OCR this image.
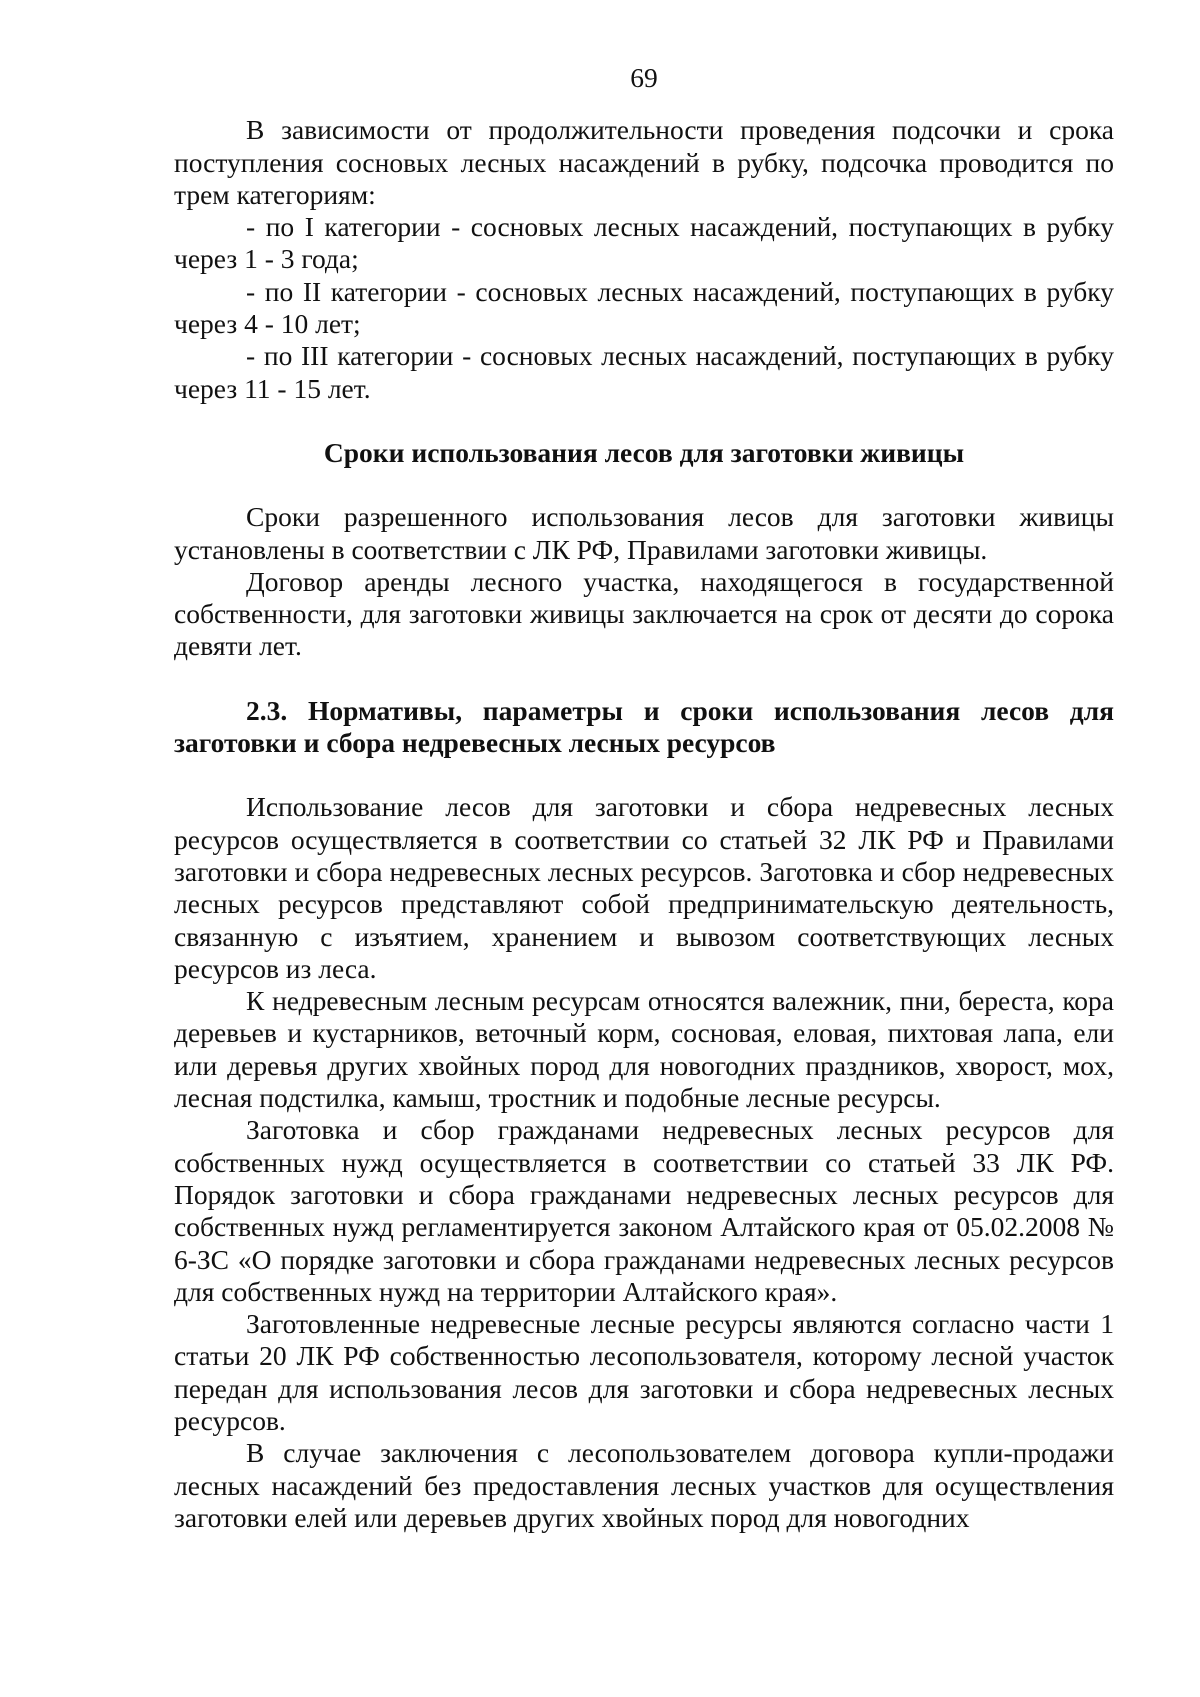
69

В зависимости от продолжительности проведения подсочки и срока поступления сосновых лесных насаждений в рубку, подсочка проводится по трем категориям:

- по I категории - сосновых лесных насаждений, поступающих в рубку через 1 - 3 года;

- по II категории - сосновых лесных насаждений, поступающих в рубку через 4 - 10 лет;

- по III категории - сосновых лесных насаждений, поступающих в рубку через 11 - 15 лет.

Сроки использования лесов для заготовки живицы

Сроки разрешенного использования лесов для заготовки живицы установлены в соответствии с ЛК РФ, Правилами заготовки живицы.

Договор аренды лесного участка, находящегося в государственной собственности, для заготовки живицы заключается на срок от десяти до сорока девяти лет.

2.3. Нормативы, параметры и сроки использования лесов для заготовки и сбора недревесных лесных ресурсов

Использование лесов для заготовки и сбора недревесных лесных ресурсов осуществляется в соответствии со статьей 32 ЛК РФ и Правилами заготовки и сбора недревесных лесных ресурсов. Заготовка и сбор недревесных лесных ресурсов представляют собой предпринимательскую деятельность, связанную с изъятием, хранением и вывозом соответствующих лесных ресурсов из леса.

К недревесным лесным ресурсам относятся валежник, пни, береста, кора деревьев и кустарников, веточный корм, сосновая, еловая, пихтовая лапа, ели или деревья других хвойных пород для новогодних праздников, хворост, мох, лесная подстилка, камыш, тростник и подобные лесные ресурсы.

Заготовка и сбор гражданами недревесных лесных ресурсов для собственных нужд осуществляется в соответствии со статьей 33 ЛК РФ. Порядок заготовки и сбора гражданами недревесных лесных ресурсов для собственных нужд регламентируется законом Алтайского края от 05.02.2008 № 6-ЗС «О порядке заготовки и сбора гражданами недревесных лесных ресурсов для собственных нужд на территории Алтайского края».

Заготовленные недревесные лесные ресурсы являются согласно части 1 статьи 20 ЛК РФ собственностью лесопользователя, которому лесной участок передан для использования лесов для заготовки и сбора недревесных лесных ресурсов.

В случае заключения с лесопользователем договора купли-продажи лесных насаждений без предоставления лесных участков для осуществления заготовки елей или деревьев других хвойных пород для новогодних
